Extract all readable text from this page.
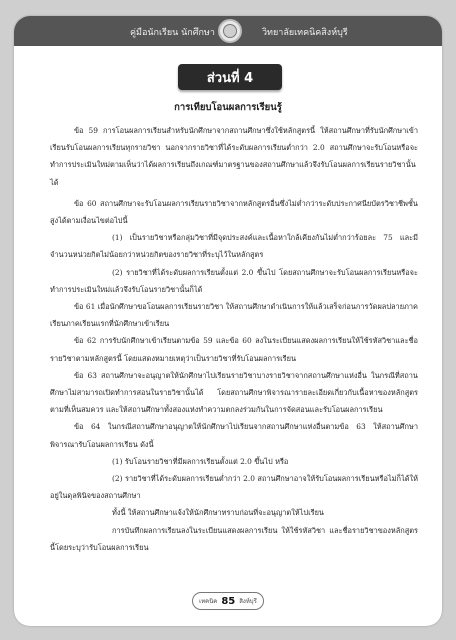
คู่มือนักเรียน นักศึกษา	วิทยาลัยเทคนิคสิงห์บุรี
ส่วนที่ 4
การเทียบโอนผลการเรียนรู้

ข้อ 59 การโอนผลการเรียนสำหรับนักศึกษาจากสถานศึกษาซึ่งใช้หลักสูตรนี้ ให้สถานศึกษาที่รับนักศึกษาเข้าเรียนรับโอนผลการเรียนทุกรายวิชา นอกจากรายวิชาที่ได้ระดับผลการเรียนต่ำกว่า 2.0 สถานศึกษาจะรับโอนหรือจะทำการประเมินใหม่ตามเห็นว่าได้ผลการเรียนถึงเกณฑ์มาตรฐานของสถานศึกษาแล้วจึงรับโอนผลการเรียนรายวิชานั้นได้

ข้อ 60 สถานศึกษาจะรับโอนผลการเรียนรายวิชาจากหลักสูตรอื่นซึ่งไม่ต่ำกว่าระดับประกาศนียบัตรวิชาชีพชั้นสูงได้ตามเงื่อนไขต่อไปนี้

(1) เป็นรายวิชาหรือกลุ่มวิชาที่มีจุดประสงค์และเนื้อหาใกล้เคียงกันไม่ต่ำกว่าร้อยละ 75 และมีจำนวนหน่วยกิตไม่น้อยกว่าหน่วยกิตของรายวิชาที่ระบุไว้ในหลักสูตร

(2) รายวิชาที่ได้ระดับผลการเรียนตั้งแต่ 2.0 ขึ้นไป โดยสถานศึกษาจะรับโอนผลการเรียนหรือจะทำการประเมินใหม่แล้วจึงรับโอนรายวิชานั้นก็ได้

ข้อ 61 เมื่อนักศึกษาขอโอนผลการเรียนรายวิชา ให้สถานศึกษาดำเนินการให้แล้วเสร็จก่อนการวัดผลปลายภาคเรียนภาคเรียนแรกที่นักศึกษาเข้าเรียน

ข้อ 62 การรับนักศึกษาเข้าเรียนตามข้อ 59 และข้อ 60 ลงในระเบียนแสดงผลการเรียนให้ใช้รหัสวิชาและชื่อรายวิชาตามหลักสูตรนี้ โดยแสดงหมายเหตุว่าเป็นรายวิชาที่รับโอนผลการเรียน

ข้อ 63 สถานศึกษาจะอนุญาตให้นักศึกษาไปเรียนรายวิชาบางรายวิชาจากสถานศึกษาแห่งอื่น ในกรณีที่สถานศึกษาไม่สามารถเปิดทำการสอนในรายวิชานั้นได้ โดยสถานศึกษาพิจารณารายละเอียดเกี่ยวกับเนื้อหาของหลักสูตรตามที่เห็นสมควร และให้สถานศึกษาทั้งสองแห่งทำความตกลงร่วมกันในการจัดสอนและรับโอนผลการเรียน

ข้อ 64 ในกรณีสถานศึกษาอนุญาตให้นักศึกษาไปเรียนจากสถานศึกษาแห่งอื่นตามข้อ 63 ให้สถานศึกษาพิจารณารับโอนผลการเรียน ดังนี้

(1) รับโอนรายวิชาที่มีผลการเรียนตั้งแต่ 2.0 ขึ้นไป หรือ

(2) รายวิชาที่ได้ระดับผลการเรียนต่ำกว่า 2.0 สถานศึกษาอาจให้รับโอนผลการเรียนหรือไม่ก็ได้ให้อยู่ในดุลพินิจของสถานศึกษา

ทั้งนี้ ให้สถานศึกษาแจ้งให้นักศึกษาทราบก่อนที่จะอนุญาตให้ไปเรียน

การบันทึกผลการเรียนลงในระเบียนแสดงผลการเรียน ให้ใช้รหัสวิชา และชื่อรายวิชาของหลักสูตรนี้โดยระบุว่ารับโอนผลการเรียน

เทคนิค 85 สิงห์บุรี
